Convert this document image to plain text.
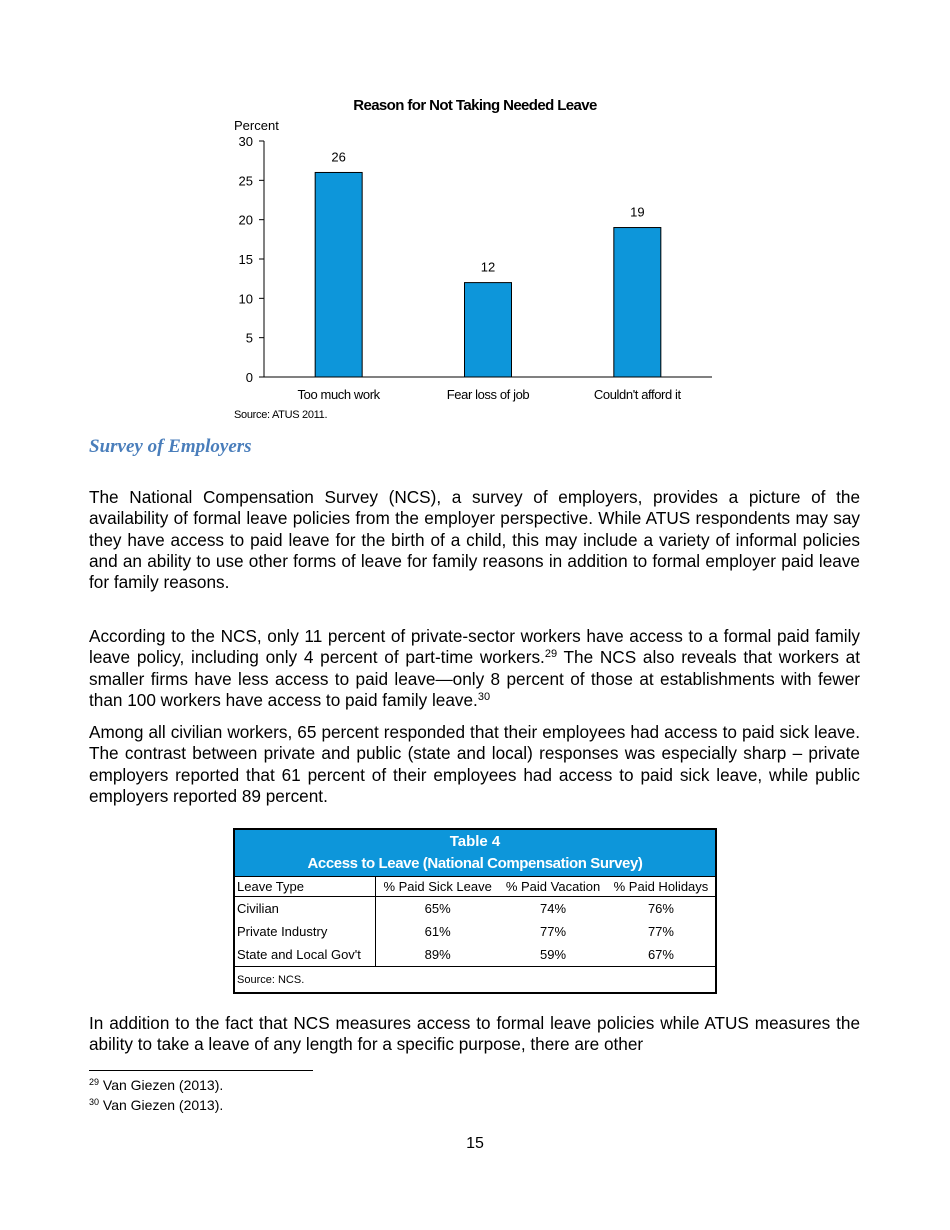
Reason for Not Taking Needed Leave
Percent
0
5
10
15
20
25
30
26
12
19
Too much work	Fear loss of job	Couldn't afford it
Source: ATUS 2011.
Survey of Employers

The National Compensation Survey (NCS), a survey of employers, provides a picture of the availability of formal leave policies from the employer perspective. While ATUS respondents may say they have access to paid leave for the birth of a child, this may include a variety of informal policies and an ability to use other forms of leave for family reasons in addition to formal employer paid leave for family reasons.

According to the NCS, only 11 percent of private-sector workers have access to a formal paid family leave policy, including only 4 percent of part-time workers.$^{29}$ The NCS also reveals that workers at smaller firms have less access to paid leave—only 8 percent of those at establishments with fewer than 100 workers have access to paid family leave.$^{30}$

Among all civilian workers, 65 percent responded that their employees had access to paid sick leave. The contrast between private and public (state and local) responses was especially sharp – private employers reported that 61 percent of their employees had access to paid sick leave, while public employers reported 89 percent.

Table 4
Access to Leave (National Compensation Survey)			

Leave Type	% Paid Sick Leave	% Paid Vacation	% Paid Holidays
Civilian	65%	74%	76%
Private Industry	61%	77%	77%
State and Local Gov't	89%	59%	67%
Source: NCS.			

In addition to the fact that NCS measures access to formal leave policies while ATUS measures the ability to take a leave of any length for a specific purpose, there are other

$^{29}$ Van Giezen (2013).

$^{30}$ Van Giezen (2013).

15
